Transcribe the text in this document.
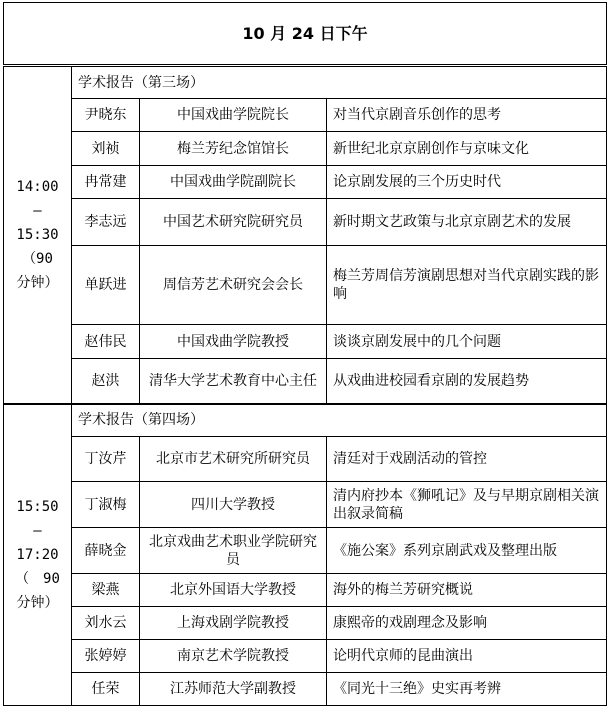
10 月 24 日下午			

14:00
—
15:30
（90
分钟）	学术报告（第三场）		
	尹晓东	中国戏曲学院院长	对当代京剧音乐创作的思考
	刘祯	梅兰芳纪念馆馆长	新世纪北京京剧创作与京味文化
	冉常建	中国戏曲学院副院长	论京剧发展的三个历史时代
	李志远	中国艺术研究院研究员	新时期文艺政策与北京京剧艺术的发展
	单跃进	周信芳艺术研究会会长	梅兰芳周信芳演剧思想对当代京剧实践的影响
	赵伟民	中国戏曲学院教授	谈谈京剧发展中的几个问题
	赵洪	清华大学艺术教育中心主任	从戏曲进校园看京剧的发展趋势

15:50
—
17:20
（　90
分钟）	学术报告（第四场）		
	丁汝芹	北京市艺术研究所研究员	清廷对于戏剧活动的管控
	丁淑梅	四川大学教授	清内府抄本《狮吼记》及与早期京剧相关演出叙录简稿
	薛晓金	北京戏曲艺术职业学院研究员	《施公案》系列京剧武戏及整理出版
	梁燕	北京外国语大学教授	海外的梅兰芳研究概说
	刘水云	上海戏剧学院教授	康熙帝的戏剧理念及影响
	张婷婷	南京艺术学院教授	论明代京师的昆曲演出
	任荣	江苏师范大学副教授	《同光十三绝》史实再考辨
